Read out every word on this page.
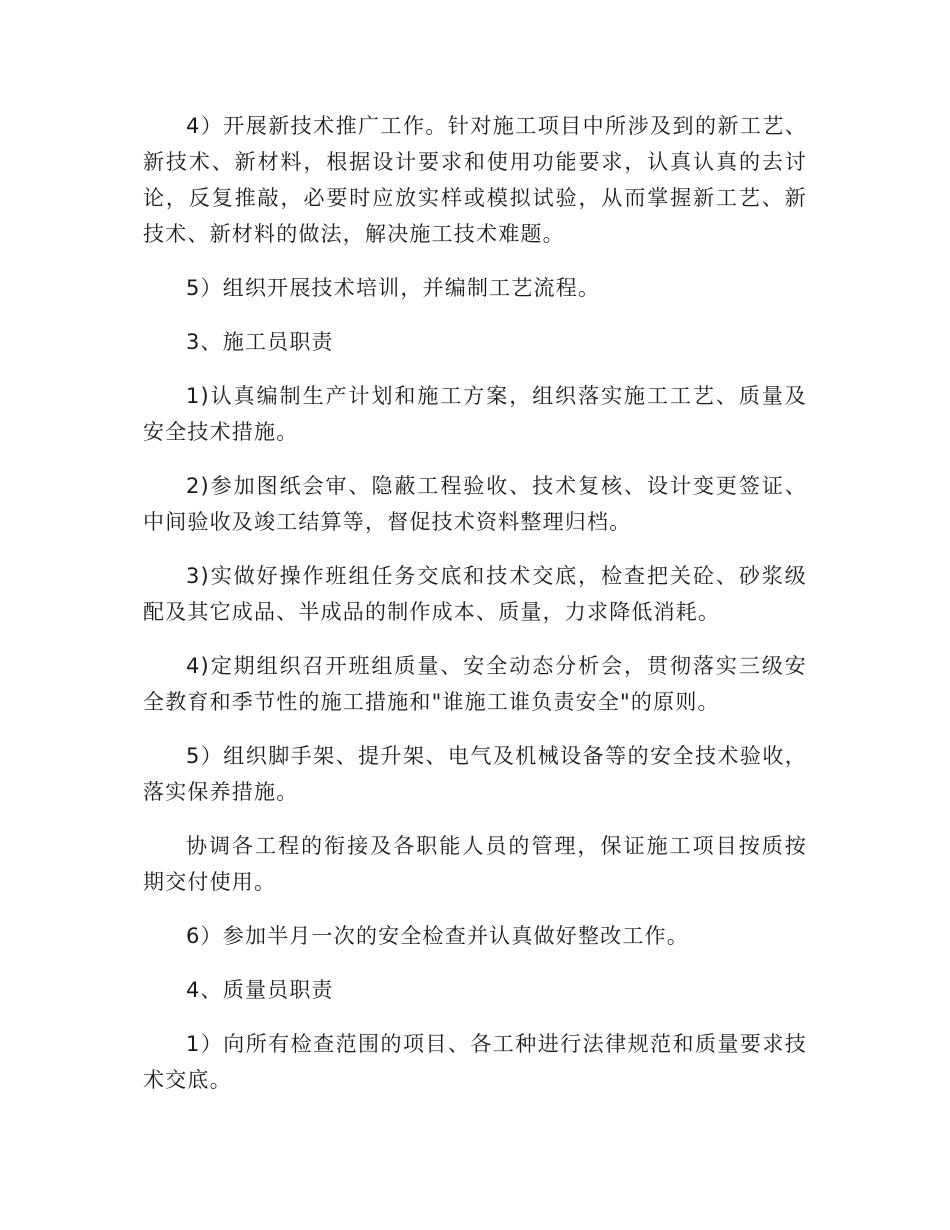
4）开展新技术推广工作。针对施工项目中所涉及到的新工艺、新技术、新材料，根据设计要求和使用功能要求，认真认真的去讨论，反复推敲，必要时应放实样或模拟试验，从而掌握新工艺、新技术、新材料的做法，解决施工技术难题。

5）组织开展技术培训，并编制工艺流程。

3、施工员职责

1)认真编制生产计划和施工方案，组织落实施工工艺、质量及安全技术措施。

2)参加图纸会审、隐蔽工程验收、技术复核、设计变更签证、中间验收及竣工结算等，督促技术资料整理归档。

3)实做好操作班组任务交底和技术交底，检查把关砼、砂浆级配及其它成品、半成品的制作成本、质量，力求降低消耗。

4)定期组织召开班组质量、安全动态分析会，贯彻落实三级安全教育和季节性的施工措施和"谁施工谁负责安全"的原则。

5）组织脚手架、提升架、电气及机械设备等的安全技术验收，落实保养措施。

协调各工程的衔接及各职能人员的管理，保证施工项目按质按期交付使用。

6）参加半月一次的安全检查并认真做好整改工作。

4、质量员职责

1）向所有检查范围的项目、各工种进行法律规范和质量要求技术交底。
